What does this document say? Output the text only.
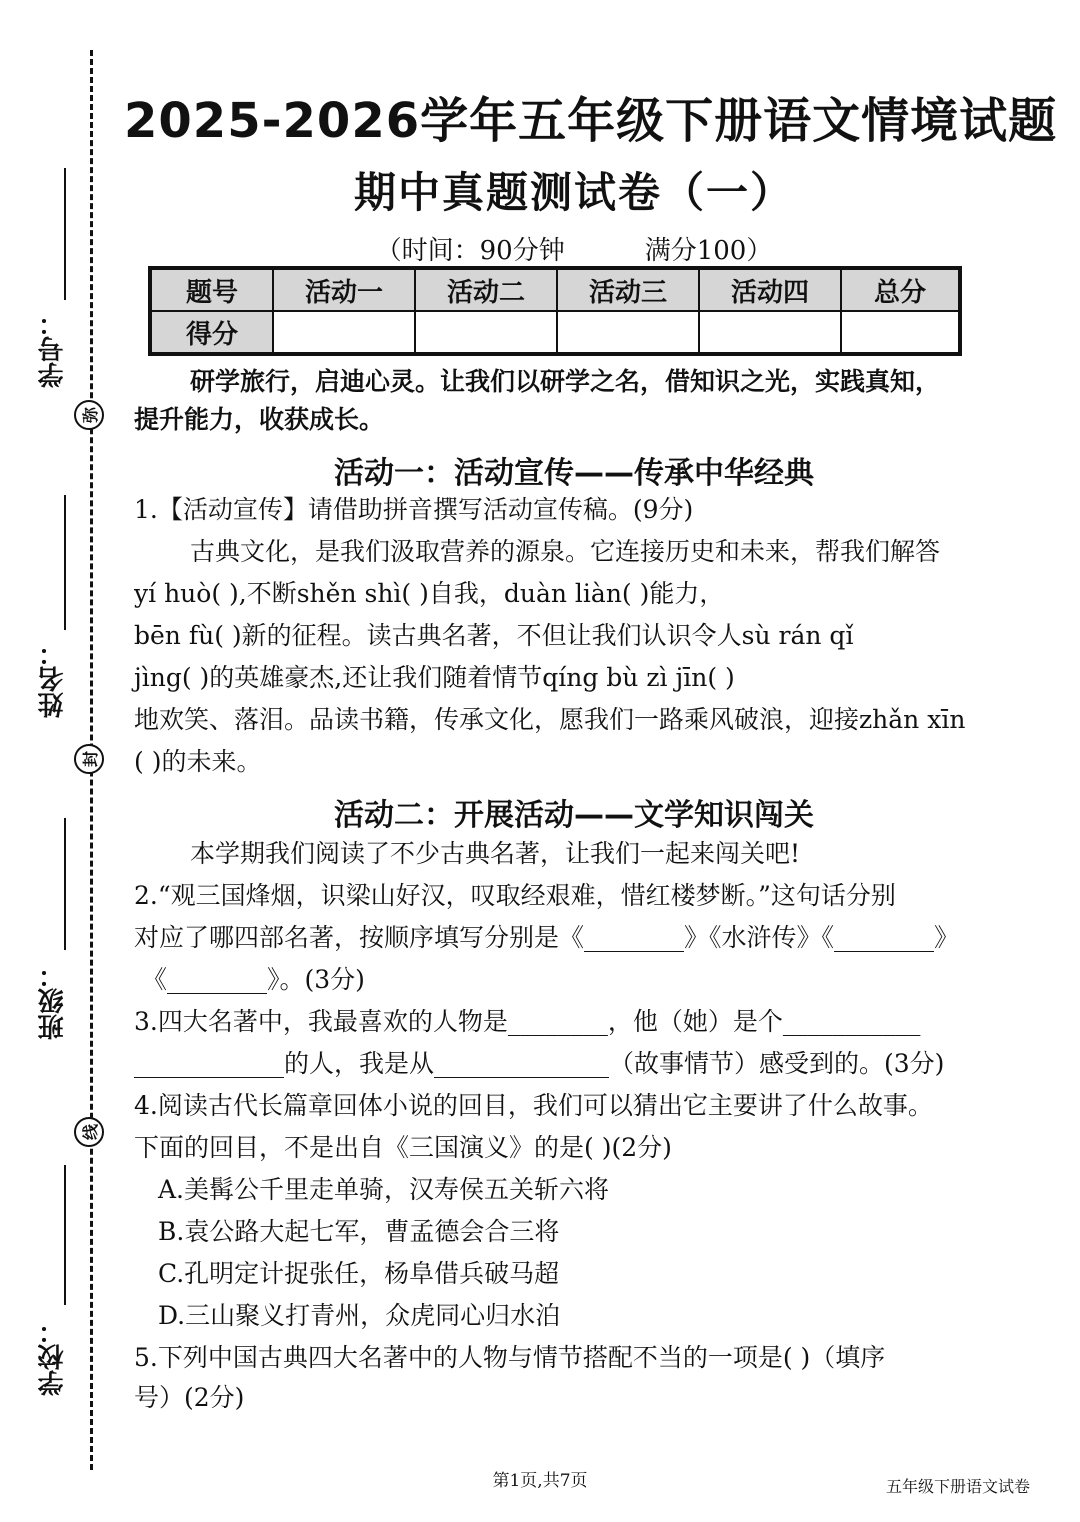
学号：
弥
姓名：
封
班级：
线
学校：
2025-2026学年五年级下册语文情境试题
期中真题测试卷（一）
（时间：90分钟	满分100）
题号	活动一	活动二	活动三	活动四	总分
得分					
研学旅行，启迪心灵。让我们以研学之名，借知识之光，实践真知，
提升能力，收获成长。
活动一：活动宣传——传承中华经典
1.【活动宣传】请借助拼音撰写活动宣传稿。(9分)
古典文化，是我们汲取营养的源泉。它连接历史和未来，帮我们解答
yí huò( ),不断shěn shì( )自我，duàn liàn( )能力，
bēn fù( )新的征程。读古典名著，不但让我们认识令人sù rán qǐ
jìng( )的英雄豪杰,还让我们随着情节qíng bù zì jīn( )
地欢笑、落泪。品读书籍，传承文化，愿我们一路乘风破浪，迎接zhǎn xīn
( )的未来。
活动二：开展活动——文学知识闯关
本学期我们阅读了不少古典名著，让我们一起来闯关吧!
2.“观三国烽烟，识梁山好汉，叹取经艰难，惜红楼梦断。”这句话分别
对应了哪四部名著，按顺序填写分别是《________》《水浒传》《________》
《________》。(3分)
3.四大名著中，我最喜欢的人物是________，他（她）是个___________
____________的人，我是从______________（故事情节）感受到的。(3分)
4.阅读古代长篇章回体小说的回目，我们可以猜出它主要讲了什么故事。
下面的回目，不是出自《三国演义》的是( )(2分)
A.美髯公千里走单骑，汉寿侯五关斩六将
B.袁公路大起七军，曹孟德会合三将
C.孔明定计捉张任，杨阜借兵破马超
D.三山聚义打青州，众虎同心归水泊
5.下列中国古典四大名著中的人物与情节搭配不当的一项是( )（填序
号）(2分)
第1页,共7页	五年级下册语文试卷
